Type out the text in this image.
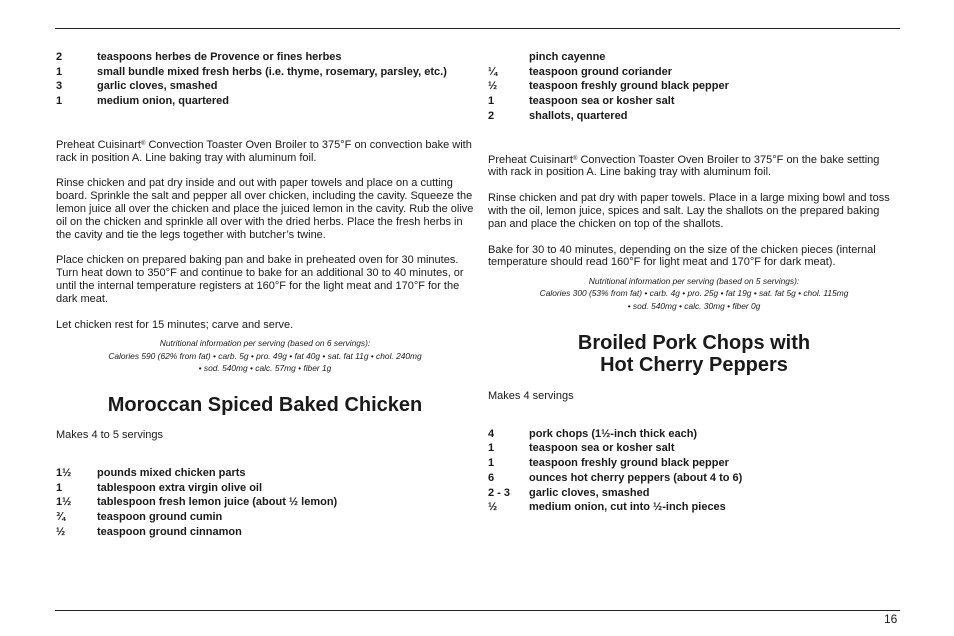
2	teaspoons herbes de Provence or fines herbes
1	small bundle mixed fresh herbs (i.e. thyme, rosemary, parsley, etc.)
3	garlic cloves, smashed
1	medium onion, quartered

Preheat Cuisinart® Convection Toaster Oven Broiler to 375°F on convection bake with rack in position A. Line baking tray with aluminum foil.

Rinse chicken and pat dry inside and out with paper towels and place on a cutting board. Sprinkle the salt and pepper all over chicken, including the cavity. Squeeze the lemon juice all over the chicken and place the juiced lemon in the cavity. Rub the olive oil on the chicken and sprinkle all over with the dried herbs. Place the fresh herbs in the cavity and tie the legs together with butcher’s twine.

Place chicken on prepared baking pan and bake in preheated oven for 30 minutes. Turn heat down to 350°F and continue to bake for an additional 30 to 40 minutes, or until the internal temperature registers at 160°F for the light meat and 170°F for the dark meat.

Let chicken rest for 15 minutes; carve and serve.

Nutritional information per serving (based on 6 servings):

Calories 590 (62% from fat) • carb. 5g • pro. 49g • fat 40g • sat. fat 11g • chol. 240mg

• sod. 540mg • calc. 57mg • fiber 1g

Moroccan Spiced Baked Chicken

Makes 4 to 5 servings

1½	pounds mixed chicken parts
1	tablespoon extra virgin olive oil
1½	tablespoon fresh lemon juice (about ½ lemon)
¾	teaspoon ground cumin
½	teaspoon ground cinnamon
pinch cayenne
¼	teaspoon ground coriander
½	teaspoon freshly ground black pepper
1	teaspoon sea or kosher salt
2	shallots, quartered

Preheat Cuisinart® Convection Toaster Oven Broiler to 375°F on the bake setting with rack in position A. Line baking tray with aluminum foil.

Rinse chicken and pat dry with paper towels. Place in a large mixing bowl and toss with the oil, lemon juice, spices and salt. Lay the shallots on the prepared baking pan and place the chicken on top of the shallots.

Bake for 30 to 40 minutes, depending on the size of the chicken pieces (internal temperature should read 160°F for light meat and 170°F for dark meat).

Nutritional information per serving (based on 5 servings):

Calories 300 (53% from fat) • carb. 4g • pro. 25g • fat 19g • sat. fat 5g • chol. 115mg

• sod. 540mg • calc. 30mg • fiber 0g

Broiled Pork Chops with
Hot Cherry Peppers

Makes 4 servings

4	pork chops (1½-inch thick each)
1	teaspoon sea or kosher salt
1	teaspoon freshly ground black pepper
6	ounces hot cherry peppers (about 4 to 6)
2 - 3	garlic cloves, smashed
½	medium onion, cut into ½-inch pieces
16
